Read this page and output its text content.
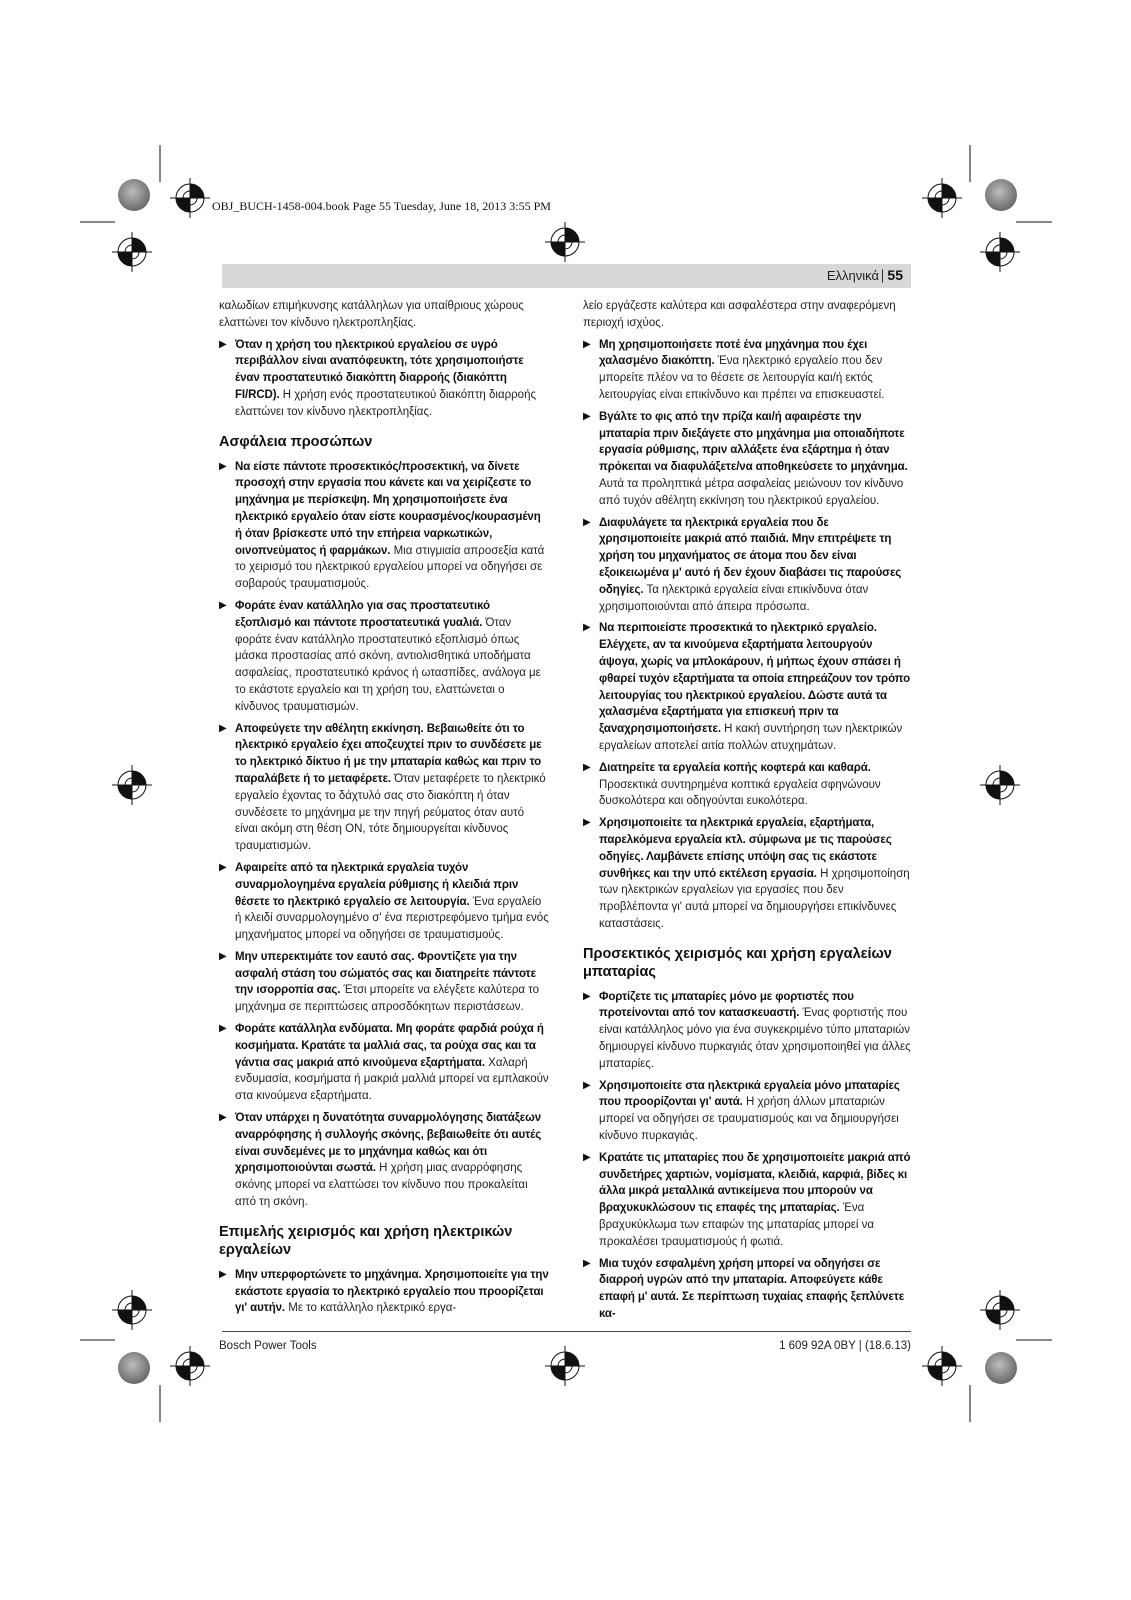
OBJ_BUCH-1458-004.book Page 55 Tuesday, June 18, 2013 3:55 PM
Ελληνικά 55
καλωδίων επιμήκυνσης κατάλληλων για υπαίθριους χώρους ελαττώνει τον κίνδυνο ηλεκτροπληξίας.
▶ Όταν η χρήση του ηλεκτρικού εργαλείου σε υγρό περιβάλλον είναι αναπόφευκτη, τότε χρησιμοποιήστε έναν προστατευτικό διακόπτη διαρροής (διακόπτη FI/RCD). Η χρήση ενός προστατευτικού διακόπτη διαρροής ελαττώνει τον κίνδυνο ηλεκτροπληξίας.
Ασφάλεια προσώπων
▶ Να είστε πάντοτε προσεκτικός/προσεκτική, να δίνετε προσοχή στην εργασία που κάνετε και να χειρίζεστε το μηχάνημα με περίσκεψη. Μη χρησιμοποιήσετε ένα ηλεκτρικό εργαλείο όταν είστε κουρασμένος/κουρασμένη ή όταν βρίσκεστε υπό την επήρεια ναρκωτικών, οινοπνεύματος ή φαρμάκων. Μια στιγμιαία απροσεξία κατά το χειρισμό του ηλεκτρικού εργαλείου μπορεί να οδηγήσει σε σοβαρούς τραυματισμούς.
▶ Φοράτε έναν κατάλληλο για σας προστατευτικό εξοπλισμό και πάντοτε προστατευτικά γυαλιά. Όταν φοράτε έναν κατάλληλο προστατευτικό εξοπλισμό όπως μάσκα προστασίας από σκόνη, αντιολισθητικά υποδήματα ασφαλείας, προστατευτικό κράνος ή ωτασπίδες, ανάλογα με το εκάστοτε εργαλείο και τη χρήση του, ελαττώνεται ο κίνδυνος τραυματισμών.
▶ Αποφεύγετε την αθέλητη εκκίνηση. Βεβαιωθείτε ότι το ηλεκτρικό εργαλείο έχει αποζευχτεί πριν το συνδέσετε με το ηλεκτρικό δίκτυο ή με την μπαταρία καθώς και πριν το παραλάβετε ή το μεταφέρετε. Όταν μεταφέρετε το ηλεκτρικό εργαλείο έχοντας το δάχτυλό σας στο διακόπτη ή όταν συνδέσετε το μηχάνημα με την πηγή ρεύματος όταν αυτό είναι ακόμη στη θέση ON, τότε δημιουργείται κίνδυνος τραυματισμών.
▶ Αφαιρείτε από τα ηλεκτρικά εργαλεία τυχόν συναρμολογημένα εργαλεία ρύθμισης ή κλειδιά πριν θέσετε το ηλεκτρικό εργαλείο σε λειτουργία. Ένα εργαλείο ή κλειδί συναρμολογημένο σ' ένα περιστρεφόμενο τμήμα ενός μηχανήματος μπορεί να οδηγήσει σε τραυματισμούς.
▶ Μην υπερεκτιμάτε τον εαυτό σας. Φροντίζετε για την ασφαλή στάση του σώματός σας και διατηρείτε πάντοτε την ισορροπία σας. Έτσι μπορείτε να ελέγξετε καλύτερα το μηχάνημα σε περιπτώσεις απροσδόκητων περιστάσεων.
▶ Φοράτε κατάλληλα ενδύματα. Μη φοράτε φαρδιά ρούχα ή κοσμήματα. Κρατάτε τα μαλλιά σας, τα ρούχα σας και τα γάντια σας μακριά από κινούμενα εξαρτήματα. Χαλαρή ενδυμασία, κοσμήματα ή μακριά μαλλιά μπορεί να εμπλακούν στα κινούμενα εξαρτήματα.
▶ Όταν υπάρχει η δυνατότητα συναρμολόγησης διατάξεων αναρρόφησης ή συλλογής σκόνης, βεβαιωθείτε ότι αυτές είναι συνδεμένες με το μηχάνημα καθώς και ότι χρησιμοποιούνται σωστά. Η χρήση μιας αναρρόφησης σκόνης μπορεί να ελαττώσει τον κίνδυνο που προκαλείται από τη σκόνη.
Επιμελής χειρισμός και χρήση ηλεκτρικών εργαλείων
▶ Μην υπερφορτώνετε το μηχάνημα. Χρησιμοποιείτε για την εκάστοτε εργασία το ηλεκτρικό εργαλείο που προορίζεται γι' αυτήν. Με το κατάλληλο ηλεκτρικό εργα-
λείο εργάζεστε καλύτερα και ασφαλέστερα στην αναφερόμενη περιοχή ισχύος.
▶ Μη χρησιμοποιήσετε ποτέ ένα μηχάνημα που έχει χαλασμένο διακόπτη. Ένα ηλεκτρικό εργαλείο που δεν μπορείτε πλέον να το θέσετε σε λειτουργία και/ή εκτός λειτουργίας είναι επικίνδυνο και πρέπει να επισκευαστεί.
▶ Βγάλτε το φις από την πρίζα και/ή αφαιρέστε την μπαταρία πριν διεξάγετε στο μηχάνημα μια οποιαδήποτε εργασία ρύθμισης, πριν αλλάξετε ένα εξάρτημα ή όταν πρόκειται να διαφυλάξετε/να αποθηκεύσετε το μηχάνημα. Αυτά τα προληπτικά μέτρα ασφαλείας μειώνουν τον κίνδυνο από τυχόν αθέλητη εκκίνηση του ηλεκτρικού εργαλείου.
▶ Διαφυλάγετε τα ηλεκτρικά εργαλεία που δε χρησιμοποιείτε μακριά από παιδιά. Μην επιτρέψετε τη χρήση του μηχανήματος σε άτομα που δεν είναι εξοικειωμένα μ' αυτό ή δεν έχουν διαβάσει τις παρούσες οδηγίες. Τα ηλεκτρικά εργαλεία είναι επικίνδυνα όταν χρησιμοποιούνται από άπειρα πρόσωπα.
▶ Να περιποιείστε προσεκτικά το ηλεκτρικό εργαλείο. Ελέγχετε, αν τα κινούμενα εξαρτήματα λειτουργούν άψογα, χωρίς να μπλοκάρουν, ή μήπως έχουν σπάσει ή φθαρεί τυχόν εξαρτήματα τα οποία επηρεάζουν τον τρόπο λειτουργίας του ηλεκτρικού εργαλείου. Δώστε αυτά τα χαλασμένα εξαρτήματα για επισκευή πριν τα ξαναχρησιμοποιήσετε. Η κακή συντήρηση των ηλεκτρικών εργαλείων αποτελεί αιτία πολλών ατυχημάτων.
▶ Διατηρείτε τα εργαλεία κοπής κοφτερά και καθαρά. Προσεκτικά συντηρημένα κοπτικά εργαλεία σφηνώνουν δυσκολότερα και οδηγούνται ευκολότερα.
▶ Χρησιμοποιείτε τα ηλεκτρικά εργαλεία, εξαρτήματα, παρελκόμενα εργαλεία κτλ. σύμφωνα με τις παρούσες οδηγίες. Λαμβάνετε επίσης υπόψη σας τις εκάστοτε συνθήκες και την υπό εκτέλεση εργασία. Η χρησιμοποίηση των ηλεκτρικών εργαλείων για εργασίες που δεν προβλέποντα γι' αυτά μπορεί να δημιουργήσει επικίνδυνες καταστάσεις.
Προσεκτικός χειρισμός και χρήση εργαλείων μπαταρίας
▶ Φορτίζετε τις μπαταρίες μόνο με φορτιστές που προτείνονται από τον κατασκευαστή. Ένας φορτιστής που είναι κατάλληλος μόνο για ένα συγκεκριμένο τύπο μπαταριών δημιουργεί κίνδυνο πυρκαγιάς όταν χρησιμοποιηθεί για άλλες μπαταρίες.
▶ Χρησιμοποιείτε στα ηλεκτρικά εργαλεία μόνο μπαταρίες που προορίζονται γι' αυτά. Η χρήση άλλων μπαταριών μπορεί να οδηγήσει σε τραυματισμούς και να δημιουργήσει κίνδυνο πυρκαγιάς.
▶ Κρατάτε τις μπαταρίες που δε χρησιμοποιείτε μακριά από συνδετήρες χαρτιών, νομίσματα, κλειδιά, καρφιά, βίδες κι άλλα μικρά μεταλλικά αντικείμενα που μπορούν να βραχυκυκλώσουν τις επαφές της μπαταρίας. Ένα βραχυκύκλωμα των επαφών της μπαταρίας μπορεί να προκαλέσει τραυματισμούς ή φωτιά.
▶ Μια τυχόν εσφαλμένη χρήση μπορεί να οδηγήσει σε διαρροή υγρών από την μπαταρία. Αποφεύγετε κάθε επαφή μ' αυτά. Σε περίπτωση τυχαίας επαφής ξεπλύνετε κα-
Bosch Power Tools	1 609 92A 0BY | (18.6.13)
